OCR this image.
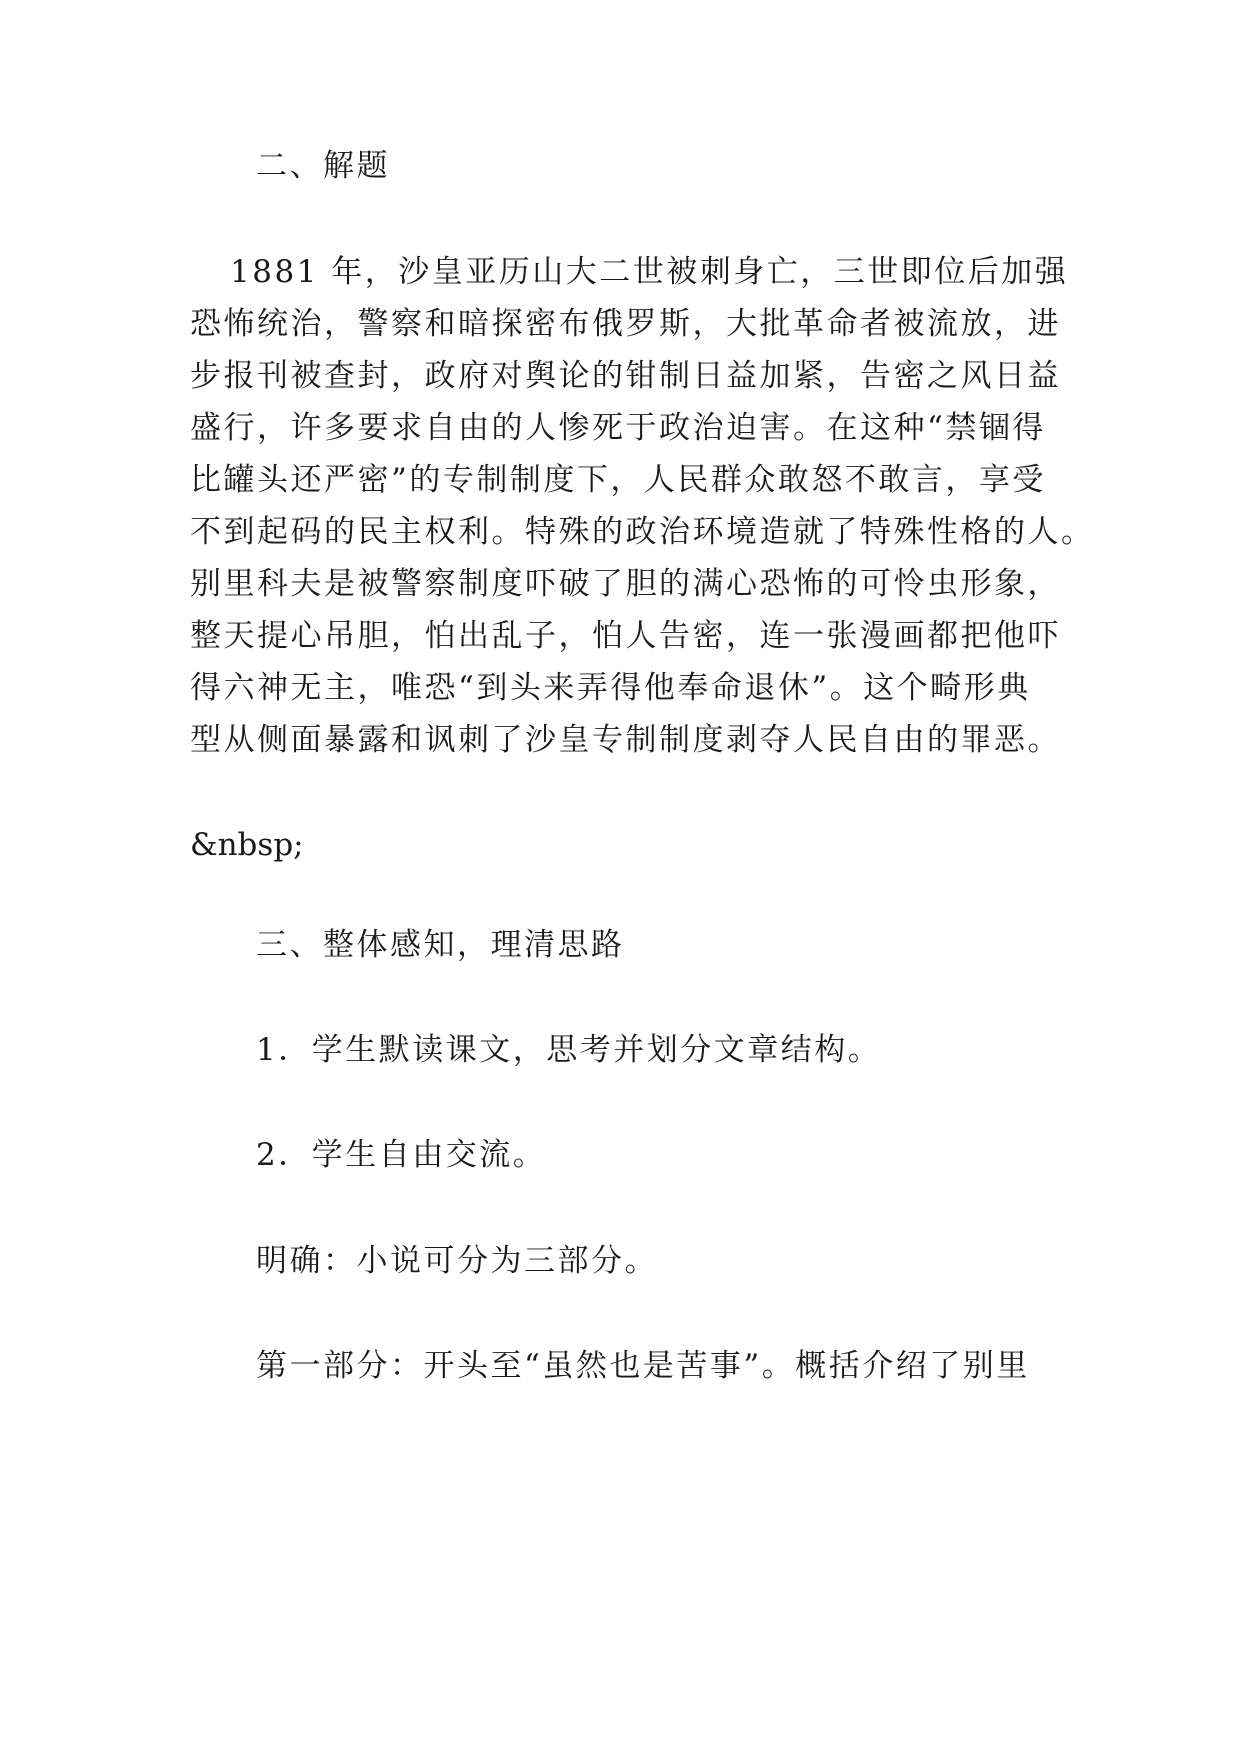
二、解题
1881 年，沙皇亚历山大二世被刺身亡，三世即位后加强
恐怖统治，警察和暗探密布俄罗斯，大批革命者被流放，进
步报刊被查封，政府对舆论的钳制日益加紧，告密之风日益
盛行，许多要求自由的人惨死于政治迫害。在这种“禁锢得
比罐头还严密”的专制制度下，人民群众敢怒不敢言，享受
不到起码的民主权利。特殊的政治环境造就了特殊性格的人。
别里科夫是被警察制度吓破了胆的满心恐怖的可怜虫形象，
整天提心吊胆，怕出乱子，怕人告密，连一张漫画都把他吓
得六神无主，唯恐“到头来弄得他奉命退休”。这个畸形典
型从侧面暴露和讽刺了沙皇专制制度剥夺人民自由的罪恶。
&nbsp;
三、整体感知，理清思路
1．学生默读课文，思考并划分文章结构。
2．学生自由交流。
明确：小说可分为三部分。
第一部分：开头至“虽然也是苦事”。概括介绍了别里
